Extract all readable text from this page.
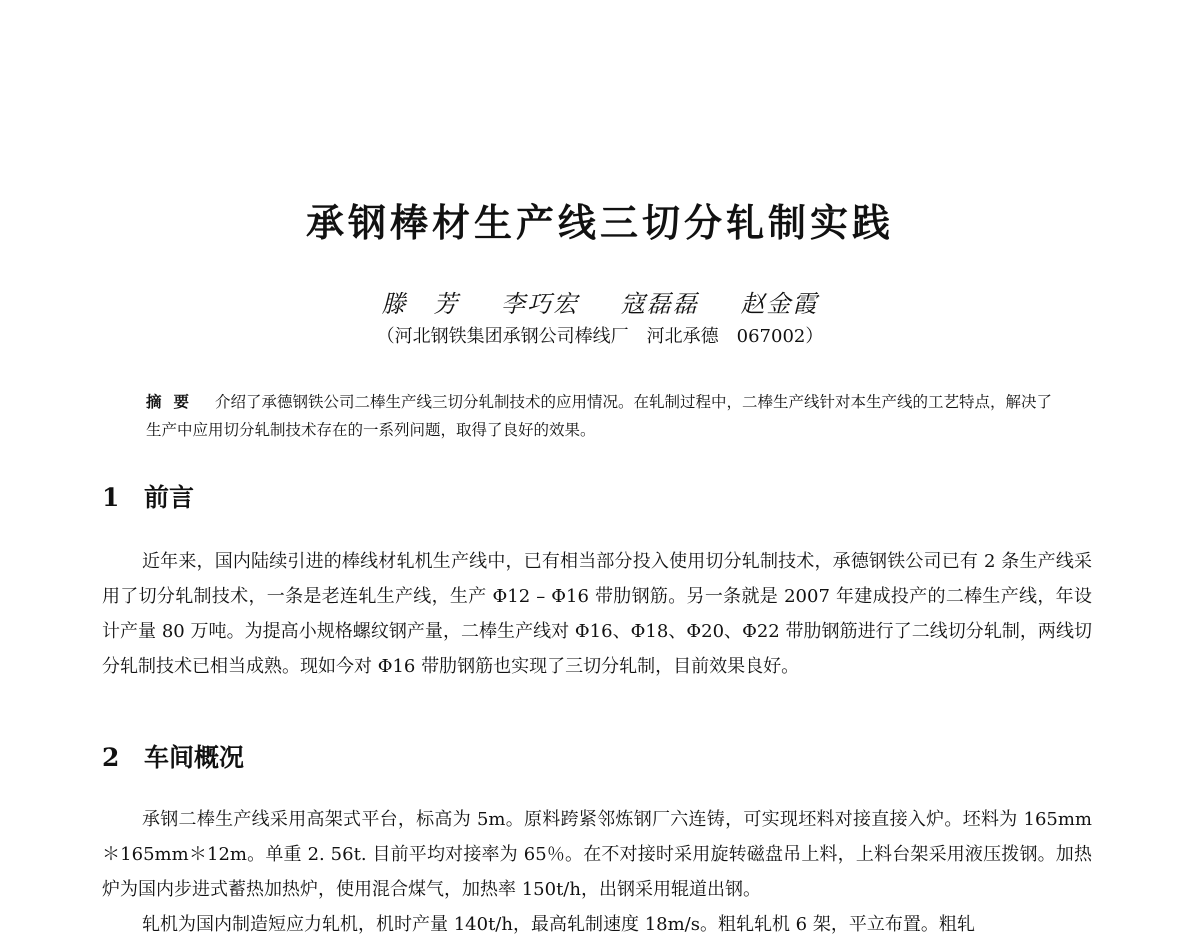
承钢棒材生产线三切分轧制实践
滕　芳 李巧宏 寇磊磊 赵金霞
（河北钢铁集团承钢公司棒线厂　河北承德　067002）
摘要 介绍了承德钢铁公司二棒生产线三切分轧制技术的应用情况。在轧制过程中，二棒生产线针对本生产线的工艺特点，解决了生产中应用切分轧制技术存在的一系列问题，取得了良好的效果。
1 前言

近年来，国内陆续引进的棒线材轧机生产线中，已有相当部分投入使用切分轧制技术，承德钢铁公司已有 2 条生产线采用了切分轧制技术，一条是老连轧生产线，生产 Φ12 – Φ16 带肋钢筋。另一条就是 2007 年建成投产的二棒生产线，年设计产量 80 万吨。为提高小规格螺纹钢产量，二棒生产线对 Φ16、Φ18、Φ20、Φ22 带肋钢筋进行了二线切分轧制，两线切分轧制技术已相当成熟。现如今对 Φ16 带肋钢筋也实现了三切分轧制，目前效果良好。

2 车间概况

承钢二棒生产线采用高架式平台，标高为 5m。原料跨紧邻炼钢厂六连铸，可实现坯料对接直接入炉。坯料为 165mm＊165mm＊12m。单重 2. 56t. 目前平均对接率为 65％。在不对接时采用旋转磁盘吊上料，上料台架采用液压拨钢。加热炉为国内步进式蓄热加热炉，使用混合煤气，加热率 150t/h，出钢采用辊道出钢。

轧机为国内制造短应力轧机，机时产量 140t/h，最高轧制速度 18m/s。粗轧轧机 6 架，平立布置。粗轧
